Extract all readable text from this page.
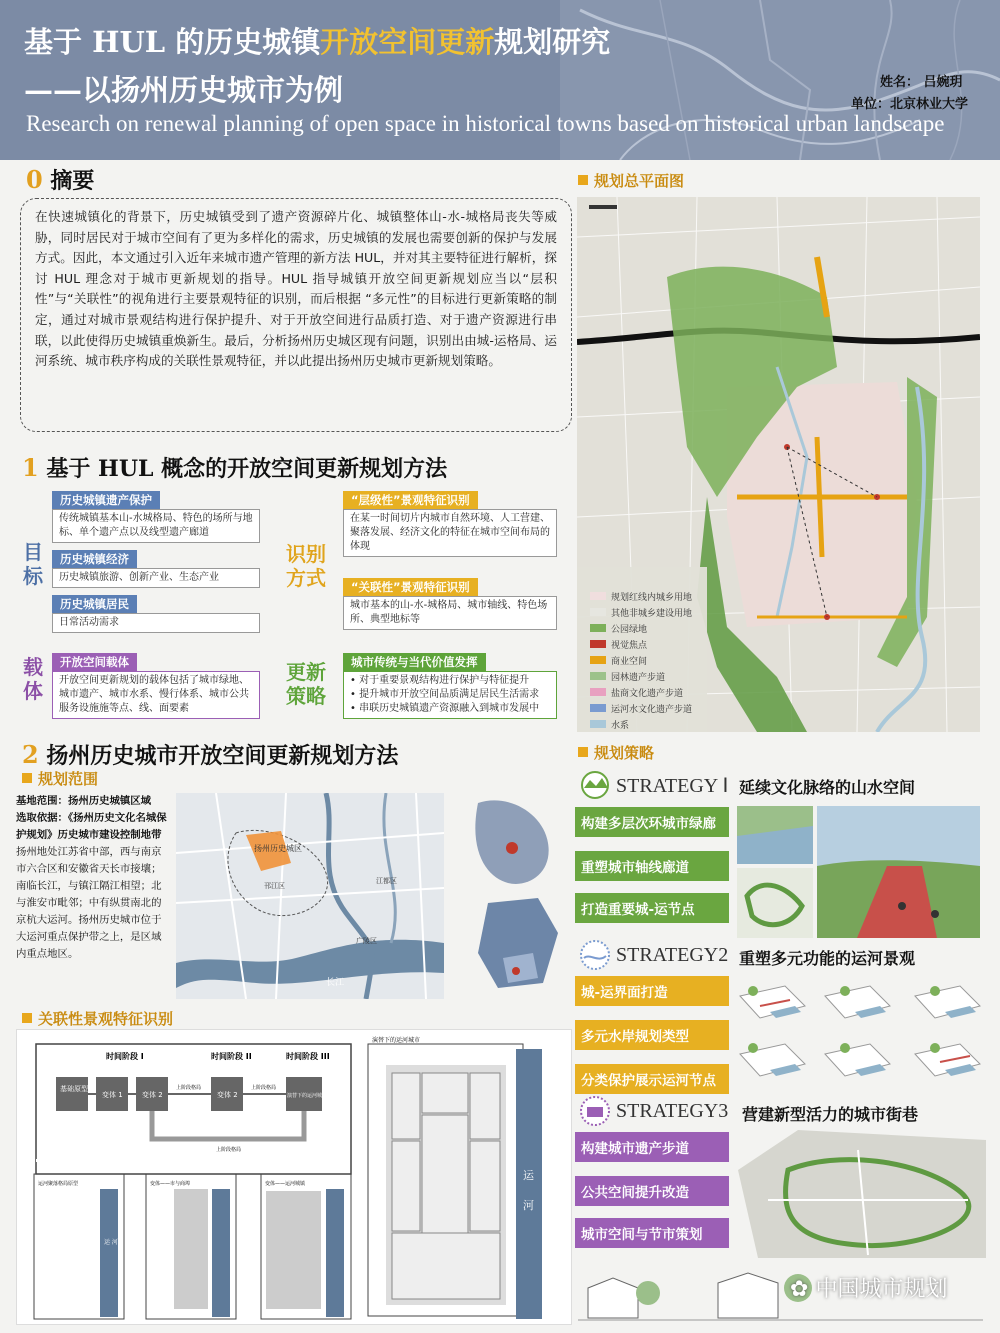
基于 HUL 的历史城镇开放空间更新规划研究
——以扬州历史城市为例	姓名： 吕婉玥
单位：北京林业大学
Research on renewal planning of open space in historical towns based on historical urban landscape
0 摘要
在快速城镇化的背景下，历史城镇受到了遗产资源碎片化、城镇整体山-水-城格局丧失等威胁，同时居民对于城市空间有了更为多样化的需求，历史城镇的发展也需要创新的保护与发展方式。因此，本文通过引入近年来城市遗产管理的新方法 HUL，并对其主要特征进行解析，探讨 HUL 理念对于城市更新规划的指导。HUL 指导城镇开放空间更新规划应当以“层积性”与“关联性”的视角进行主要景观特征的识别，而后根据 “多元性”的目标进行更新策略的制定，通过对城市景观结构进行保护提升、对于开放空间进行品质打造、对于遗产资源进行串联，以此使得历史城镇重焕新生。最后，分析扬州历史城区现有问题，识别出由城-运格局、运河系统、城市秩序构成的关联性景观特征，并以此提出扬州历史城市更新规划策略。
1 基于 HUL 概念的开放空间更新规划方法
目
标
载
体
识别
方式
更新
策略
历史城镇遗产保护
传统城镇基本山-水城格局、特色的场所与地标、单个遗产点以及线型遗产廊道
历史城镇经济
历史城镇旅游、创新产业、生态产业
历史城镇居民
日常活动需求
开放空间载体
开放空间更新规划的载体包括了城市绿地、城市遗产、城市水系、慢行体系、城市公共服务设施施等点、线、面要素
“层级性”景观特征识别
在某一时间切片内城市自然环境、人工营建、聚落发展、经济文化的特征在城市空间布局的体现
“关联性”景观特征识别
城市基本的山-水-城格局、城市轴线、特色场所、典型地标等
城市传统与当代价值发挥
• 对于重要景观结构进行保护与特征提升
• 提升城市开放空间品质满足居民生活需求
• 串联历史城镇遗产资源融入到城市发展中
2 扬州历史城市开放空间更新规划方法
规划范围
基地范围：扬州历史城镇区域
选取依据：《扬州历史文化名城保护规划》历史城市建设控制地带
扬州地处江苏省中部，西与南京市六合区和安徽省天长市接壤；南临长江，与镇江隔江相望；北与淮安市毗邻；中有纵贯南北的京杭大运河。扬州历史城市位于大运河重点保护带之上，是区域内重点地区。
扬州历史城区
长江
邗江区
江都区
广陵区
关联性景观特征识别
时间阶段 I	时间阶段 II	时间阶段 III
基础原型
变体 1	变体 2	变体 2	演替下的运河城市
上阶段格局	上阶段格局
上阶段格局
演替下的运河城市
运河
运河聚落格局原型	变体——市与商埠	变体——运河城镇
运 河
规划总平面图
规划红线内城乡用地
其他非城乡建设用地
公园绿地
视觉焦点
商业空间
园林遗产步道
盐商文化遗产步道
运河水文化遗产步道
水系
规划策略
STRATEGY Ⅰ 延续文化脉络的山水空间
构建多层次环城市绿廊
重塑城市轴线廊道
打造重要城-运节点
STRATEGY2 重塑多元功能的运河景观
城-运界面打造
多元水岸规划类型
分类保护展示运河节点
STRATEGY3 营建新型活力的城市街巷
构建城市遗产步道
公共空间提升改造
城市空间与节市策划
✿ 中国城市规划
